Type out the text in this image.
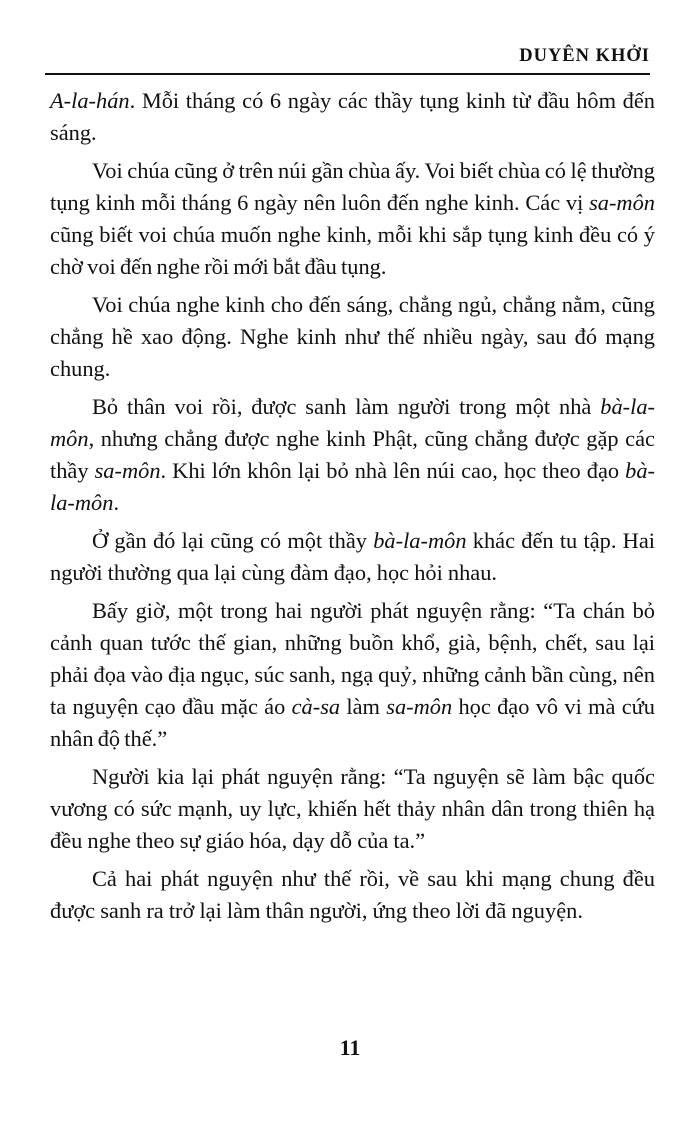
DUYÊN KHỞI

A-la-hán. Mỗi tháng có 6 ngày các thầy tụng kinh từ đầu hôm đến sáng.

Voi chúa cũng ở trên núi gần chùa ấy. Voi biết chùa có lệ thường tụng kinh mỗi tháng 6 ngày nên luôn đến nghe kinh. Các vị sa-môn cũng biết voi chúa muốn nghe kinh, mỗi khi sắp tụng kinh đều có ý chờ voi đến nghe rồi mới bắt đầu tụng.

Voi chúa nghe kinh cho đến sáng, chẳng ngủ, chẳng nằm, cũng chẳng hề xao động. Nghe kinh như thế nhiều ngày, sau đó mạng chung.

Bỏ thân voi rồi, được sanh làm người trong một nhà bà-la-môn, nhưng chẳng được nghe kinh Phật, cũng chẳng được gặp các thầy sa-môn. Khi lớn khôn lại bỏ nhà lên núi cao, học theo đạo bà-la-môn.

Ở gần đó lại cũng có một thầy bà-la-môn khác đến tu tập. Hai người thường qua lại cùng đàm đạo, học hỏi nhau.

Bấy giờ, một trong hai người phát nguyện rằng: “Ta chán bỏ cảnh quan tước thế gian, những buồn khổ, già, bệnh, chết, sau lại phải đọa vào địa ngục, súc sanh, ngạ quỷ, những cảnh bần cùng, nên ta nguyện cạo đầu mặc áo cà-sa làm sa-môn học đạo vô vi mà cứu nhân độ thế.”

Người kia lại phát nguyện rằng: “Ta nguyện sẽ làm bậc quốc vương có sức mạnh, uy lực, khiến hết thảy nhân dân trong thiên hạ đều nghe theo sự giáo hóa, dạy dỗ của ta.”

Cả hai phát nguyện như thế rồi, về sau khi mạng chung đều được sanh ra trở lại làm thân người, ứng theo lời đã nguyện.

11
